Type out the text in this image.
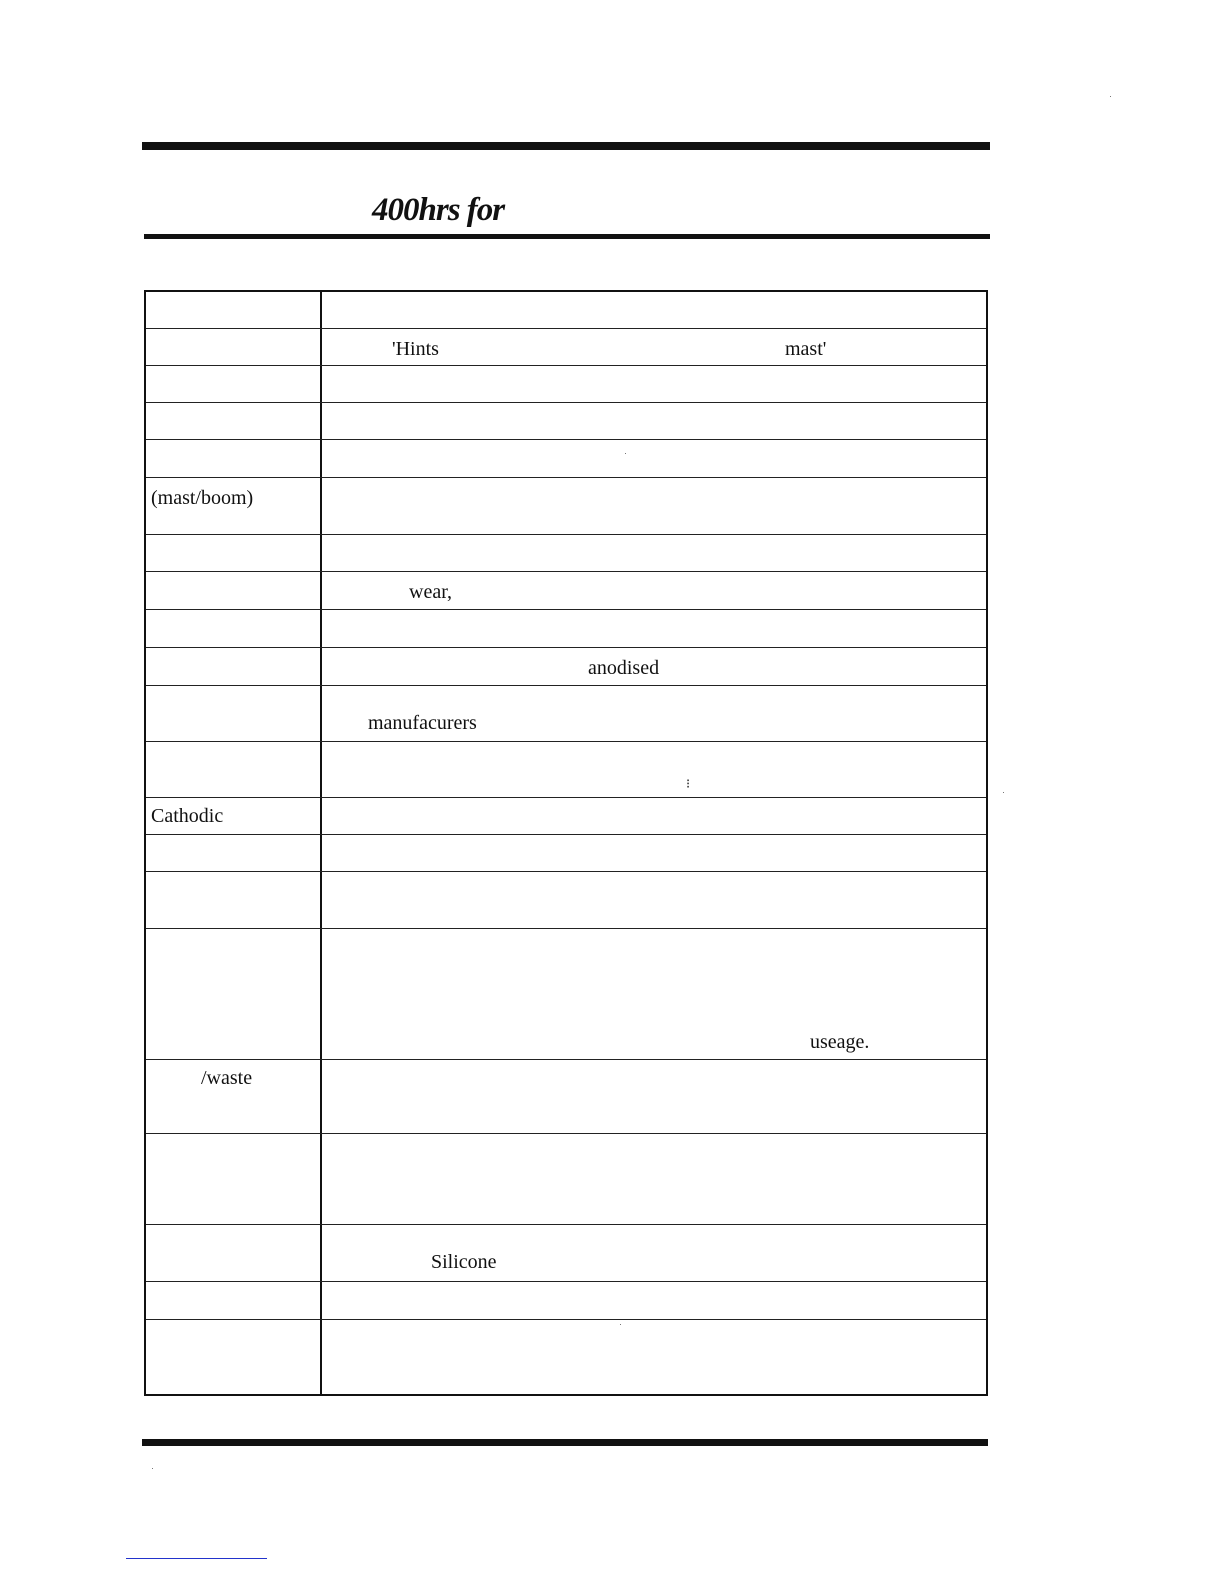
400hrs for
'Hints	mast'
(mast/boom)
wear,
anodised
manufacurers
⁝
Cathodic
useage.
/waste
Silicone
